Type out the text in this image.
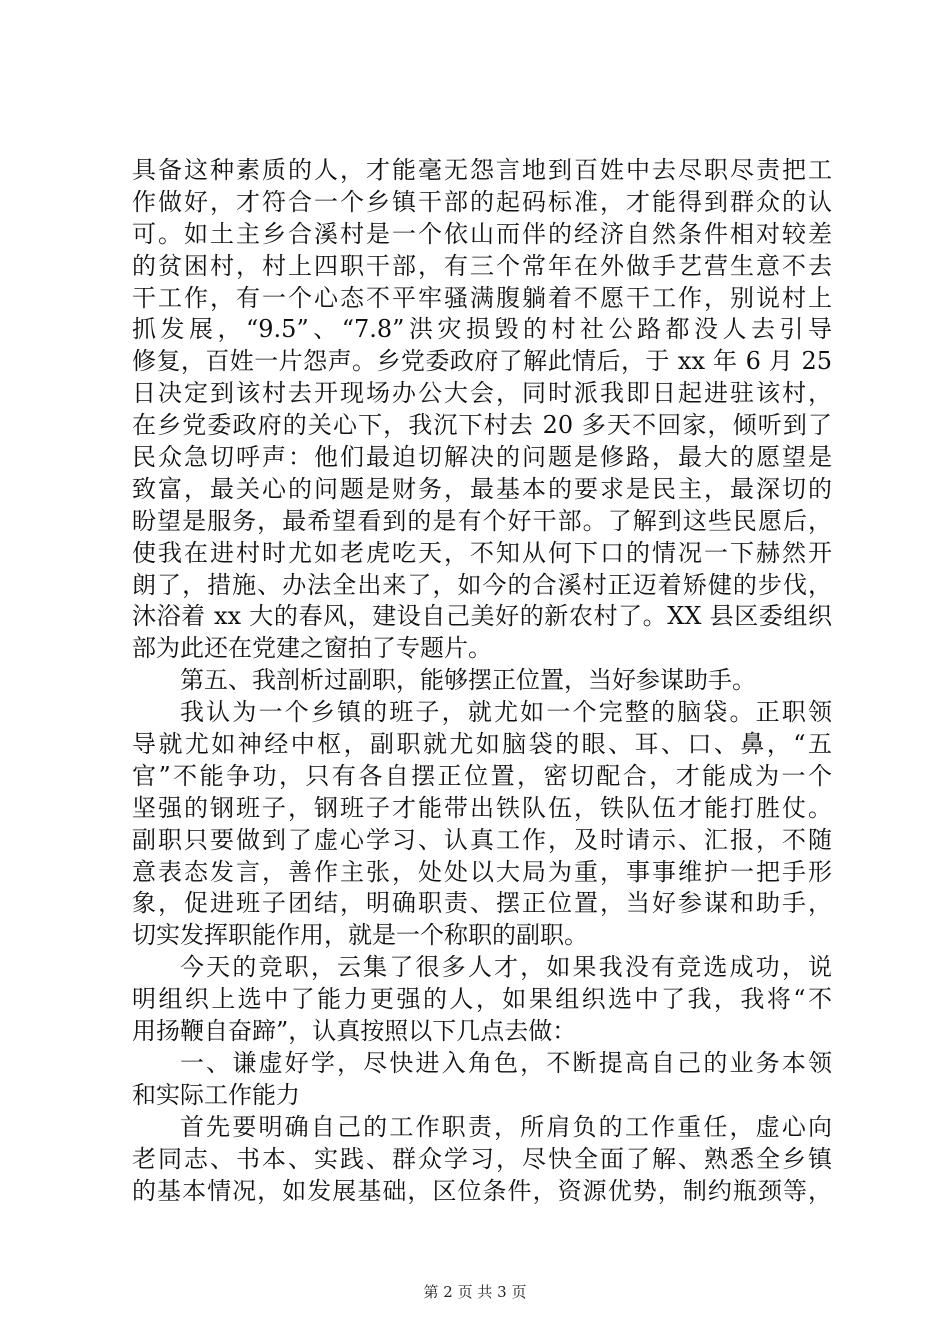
具备这种素质的人，才能毫无怨言地到百姓中去尽职尽责把工
作做好，才符合一个乡镇干部的起码标准，才能得到群众的认
可。如土主乡合溪村是一个依山而伴的经济自然条件相对较差
的贫困村，村上四职干部，有三个常年在外做手艺营生意不去
干工作，有一个心态不平牢骚满腹躺着不愿干工作，别说村上
抓发展，“9.5”、“7.8”洪灾损毁的村社公路都没人去引导
修复，百姓一片怨声。乡党委政府了解此情后，于 xx 年 6 月 25
日决定到该村去开现场办公大会，同时派我即日起进驻该村，
在乡党委政府的关心下，我沉下村去 20 多天不回家，倾听到了
民众急切呼声：他们最迫切解决的问题是修路，最大的愿望是
致富，最关心的问题是财务，最基本的要求是民主，最深切的
盼望是服务，最希望看到的是有个好干部。了解到这些民愿后，
使我在进村时尤如老虎吃天，不知从何下口的情况一下赫然开
朗了，措施、办法全出来了，如今的合溪村正迈着矫健的步伐，
沐浴着 xx 大的春风，建设自己美好的新农村了。XX 县区委组织
部为此还在党建之窗拍了专题片。
第五、我剖析过副职，能够摆正位置，当好参谋助手。
我认为一个乡镇的班子，就尤如一个完整的脑袋。正职领
导就尤如神经中枢，副职就尤如脑袋的眼、耳、口、鼻，“五
官”不能争功，只有各自摆正位置，密切配合，才能成为一个
坚强的钢班子，钢班子才能带出铁队伍，铁队伍才能打胜仗。
副职只要做到了虚心学习、认真工作，及时请示、汇报，不随
意表态发言，善作主张，处处以大局为重，事事维护一把手形
象，促进班子团结，明确职责、摆正位置，当好参谋和助手，
切实发挥职能作用，就是一个称职的副职。
今天的竞职，云集了很多人才，如果我没有竞选成功，说
明组织上选中了能力更强的人，如果组织选中了我，我将“不
用扬鞭自奋蹄”，认真按照以下几点去做：
一、谦虚好学，尽快进入角色，不断提高自己的业务本领
和实际工作能力
首先要明确自己的工作职责，所肩负的工作重任，虚心向
老同志、书本、实践、群众学习，尽快全面了解、熟悉全乡镇
的基本情况，如发展基础，区位条件，资源优势，制约瓶颈等，
第 2 页 共 3 页
